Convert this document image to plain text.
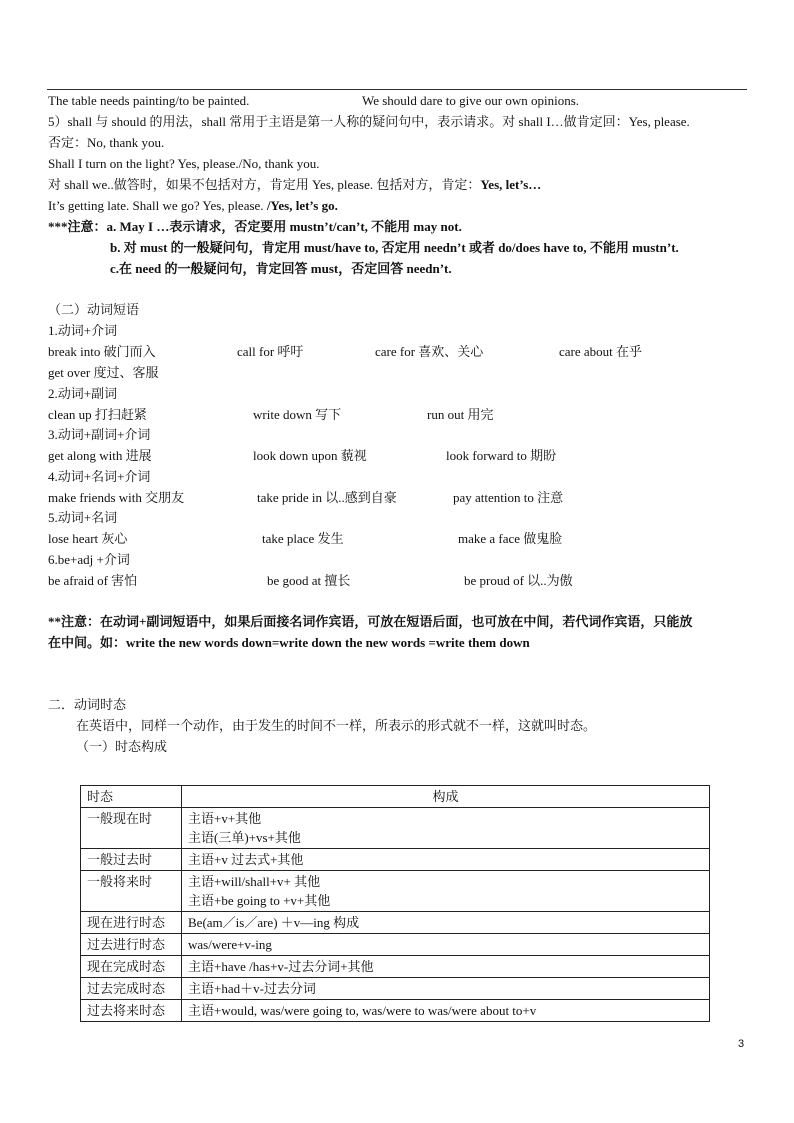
The table needs painting/to be painted.	We should dare to give our own opinions.
5）shall 与 should 的用法，shall 常用于主语是第一人称的疑问句中，表示请求。对 shall I…做肯定回：Yes, please.
否定：No, thank you.
Shall I turn on the light? Yes, please./No, thank you.
对 shall we..做答时，如果不包括对方，肯定用 Yes, please. 包括对方，肯定：Yes, let’s…
It’s getting late. Shall we go? Yes, please. /Yes, let’s go.
***注意：a. May I …表示请求，否定要用 mustn’t/can’t, 不能用 may not.
b. 对 must 的一般疑问句，肯定用 must/have to, 否定用 needn’t 或者 do/does have to, 不能用 mustn’t.
c.在 need 的一般疑问句，肯定回答 must，否定回答 needn’t.
（二）动词短语
1.动词+介词
break into 破门而入	call for 呼吁	care for 喜欢、关心	care about 在乎
get over 度过、客服
2.动词+副词
clean up 打扫赶紧	write down 写下	run out 用完
3.动词+副词+介词
get along with 进展	look down upon 藐视	look forward to 期盼
4.动词+名词+介词
make friends with 交朋友	take pride in 以..感到自豪	pay attention to 注意
5.动词+名词
lose heart 灰心	take place 发生	make a face 做鬼脸
6.be+adj +介词
be afraid of 害怕	be good at 擅长	be proud of 以..为傲
**注意：在动词+副词短语中，如果后面接名词作宾语，可放在短语后面，也可放在中间，若代词作宾语，只能放
在中间。如：write the new words down=write down the new words =write them down
二．动词时态
在英语中，同样一个动作，由于发生的时间不一样，所表示的形式就不一样，这就叫时态。
（一）时态构成
时态	构成
一般现在时	主语+v+其他
主语(三单)+vs+其他

一般过去时	主语+v 过去式+其他

一般将来时	主语+will/shall+v+ 其他
主语+be going to +v+其他

现在进行时态	Be(am／is／are) ＋v—ing 构成
过去进行时态	was/were+v-ing
现在完成时态	主语+have /has+v-过去分词+其他
过去完成时态	主语+had＋v-过去分词
过去将来时态	主语+would, was/were going to, was/were to was/were about to+v
3
